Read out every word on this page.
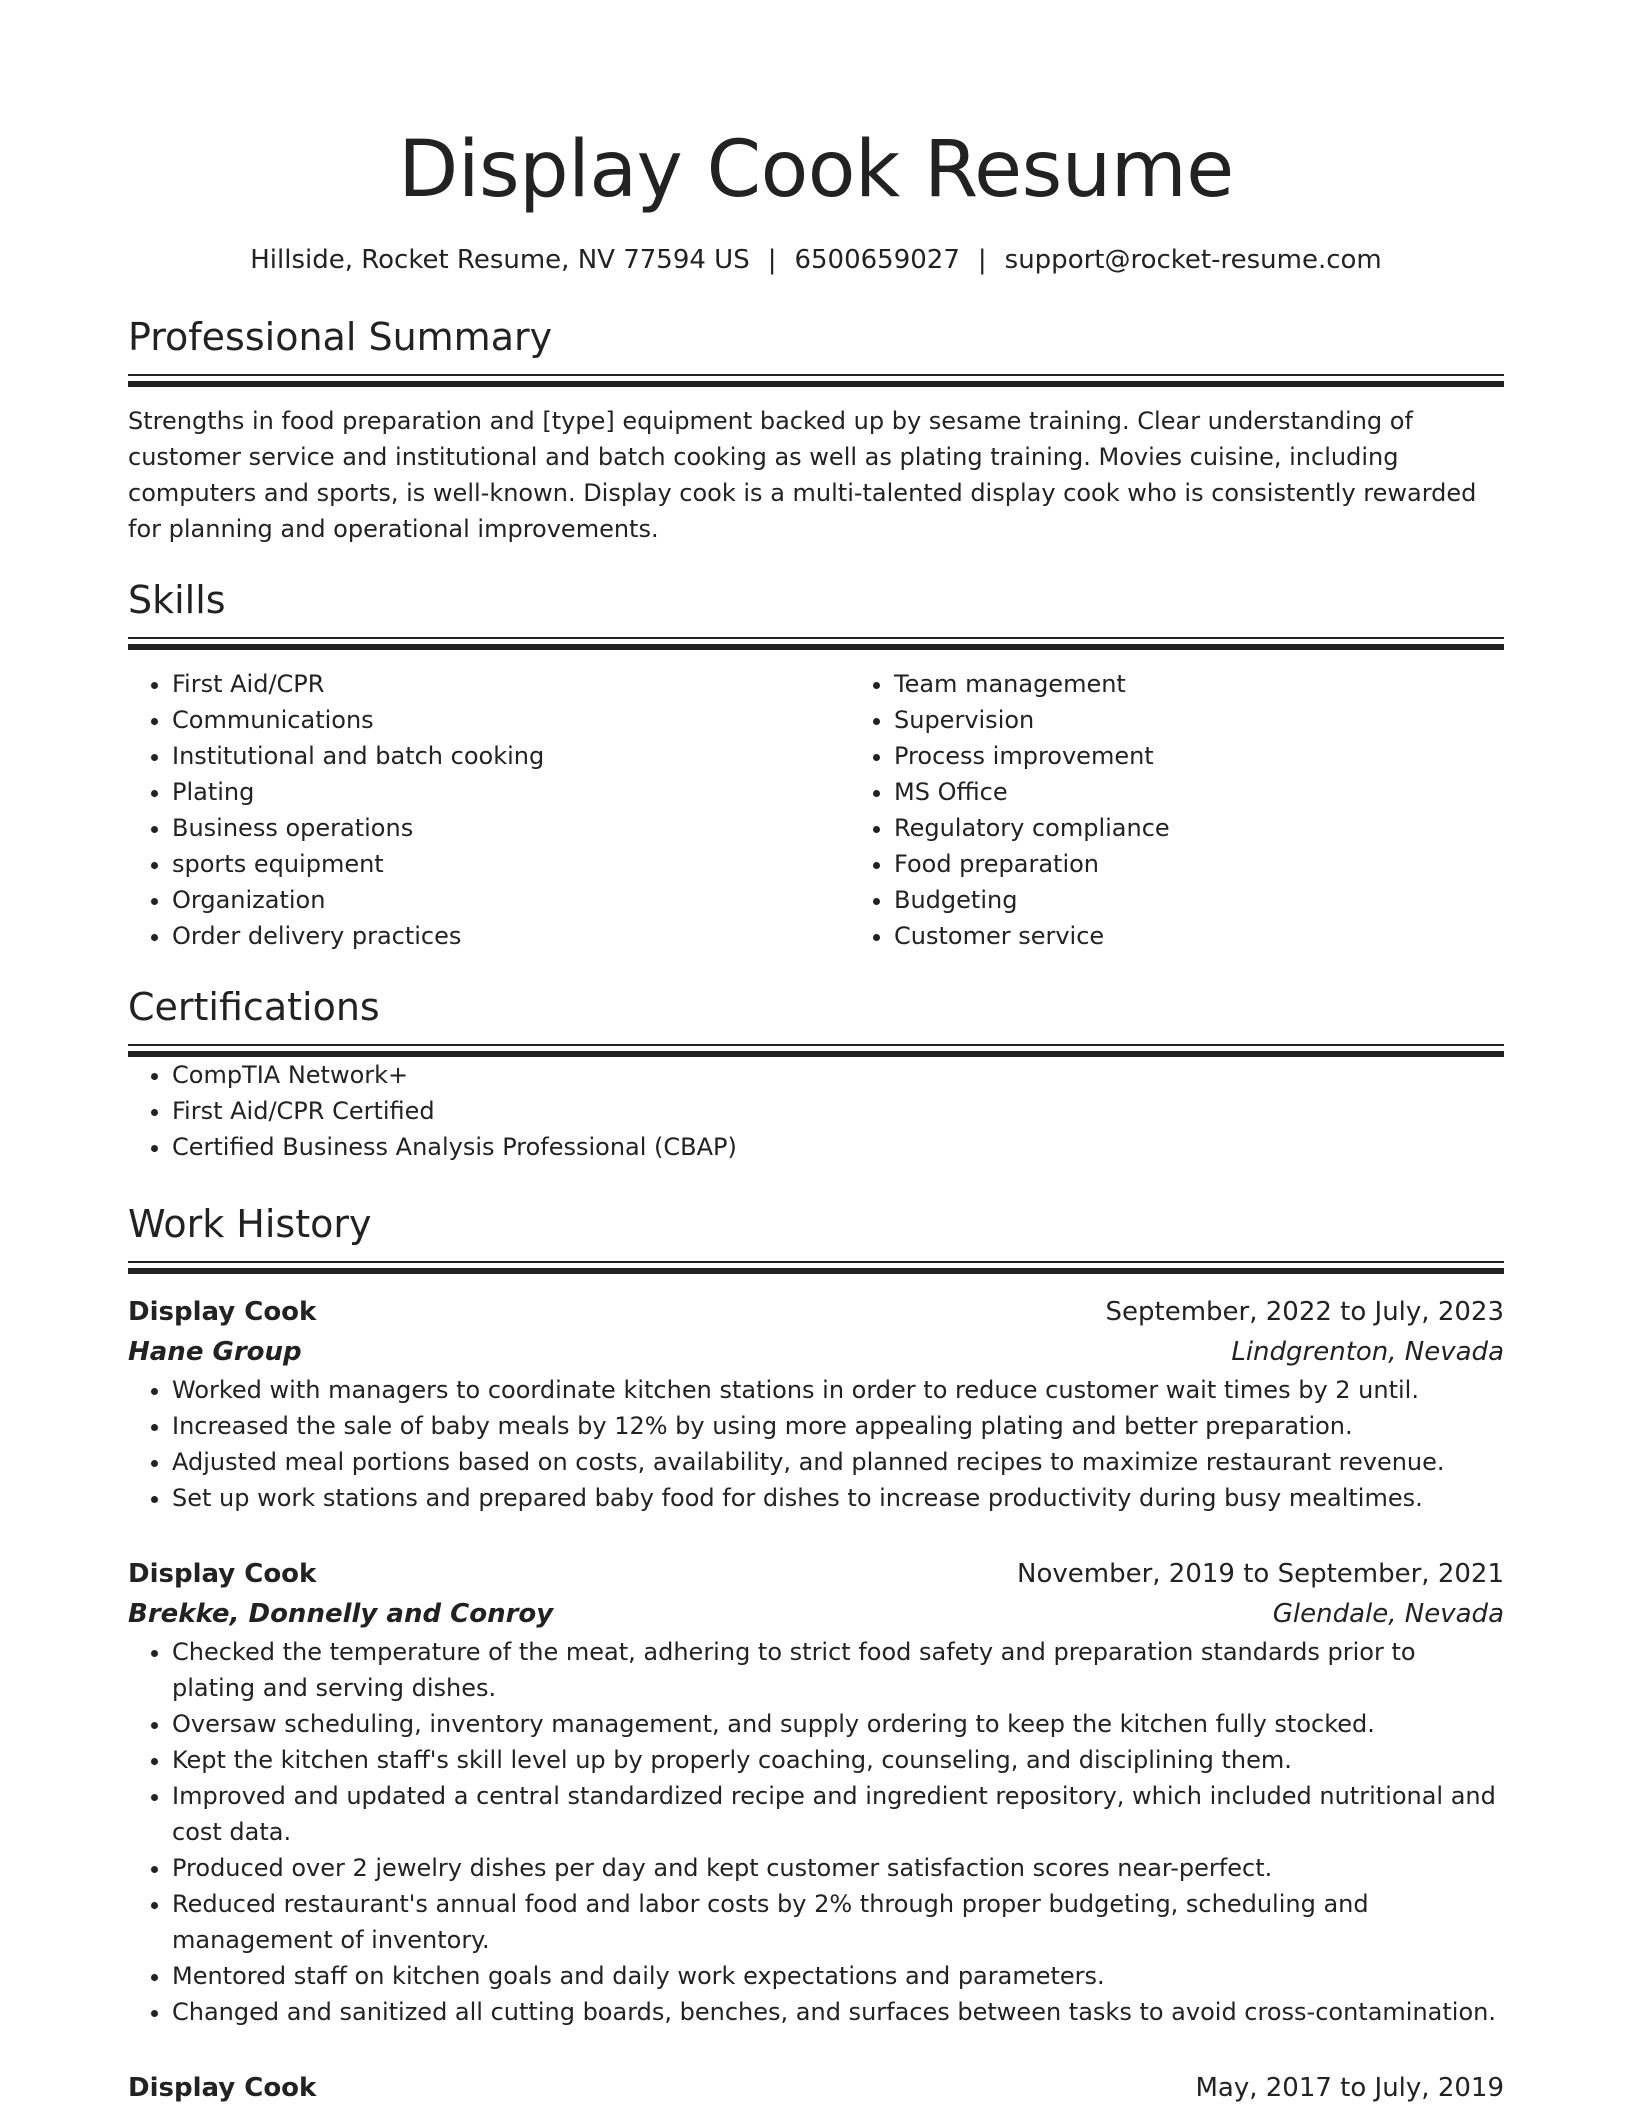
Display Cook Resume
Hillside, Rocket Resume, NV 77594 US | 6500659027 | support@rocket-resume.com
Professional Summary

Strengths in food preparation and [type] equipment backed up by sesame training. Clear understanding of customer service and institutional and batch cooking as well as plating training. Movies cuisine, including computers and sports, is well-known. Display cook is a multi-talented display cook who is consistently rewarded for planning and operational improvements.

Skills
• First Aid/CPR
• Communications
• Institutional and batch cooking
• Plating
• Business operations
• sports equipment
• Organization
• Order delivery practices
• Team management
• Supervision
• Process improvement
• MS Office
• Regulatory compliance
• Food preparation
• Budgeting
• Customer service
Certifications
• CompTIA Network+
• First Aid/CPR Certified
• Certified Business Analysis Professional (CBAP)
Work History
Display Cook	September, 2022 to July, 2023
Hane Group	Lindgrenton, Nevada
• Worked with managers to coordinate kitchen stations in order to reduce customer wait times by 2 until.
• Increased the sale of baby meals by 12% by using more appealing plating and better preparation.
• Adjusted meal portions based on costs, availability, and planned recipes to maximize restaurant revenue.
• Set up work stations and prepared baby food for dishes to increase productivity during busy mealtimes.
Display Cook	November, 2019 to September, 2021
Brekke, Donnelly and Conroy	Glendale, Nevada
• Checked the temperature of the meat, adhering to strict food safety and preparation standards prior to plating and serving dishes.
• Oversaw scheduling, inventory management, and supply ordering to keep the kitchen fully stocked.
• Kept the kitchen staff's skill level up by properly coaching, counseling, and disciplining them.
• Improved and updated a central standardized recipe and ingredient repository, which included nutritional and cost data.
• Produced over 2 jewelry dishes per day and kept customer satisfaction scores near-perfect.
• Reduced restaurant's annual food and labor costs by 2% through proper budgeting, scheduling and management of inventory.
• Mentored staff on kitchen goals and daily work expectations and parameters.
• Changed and sanitized all cutting boards, benches, and surfaces between tasks to avoid cross-contamination.
Display Cook	May, 2017 to July, 2019
